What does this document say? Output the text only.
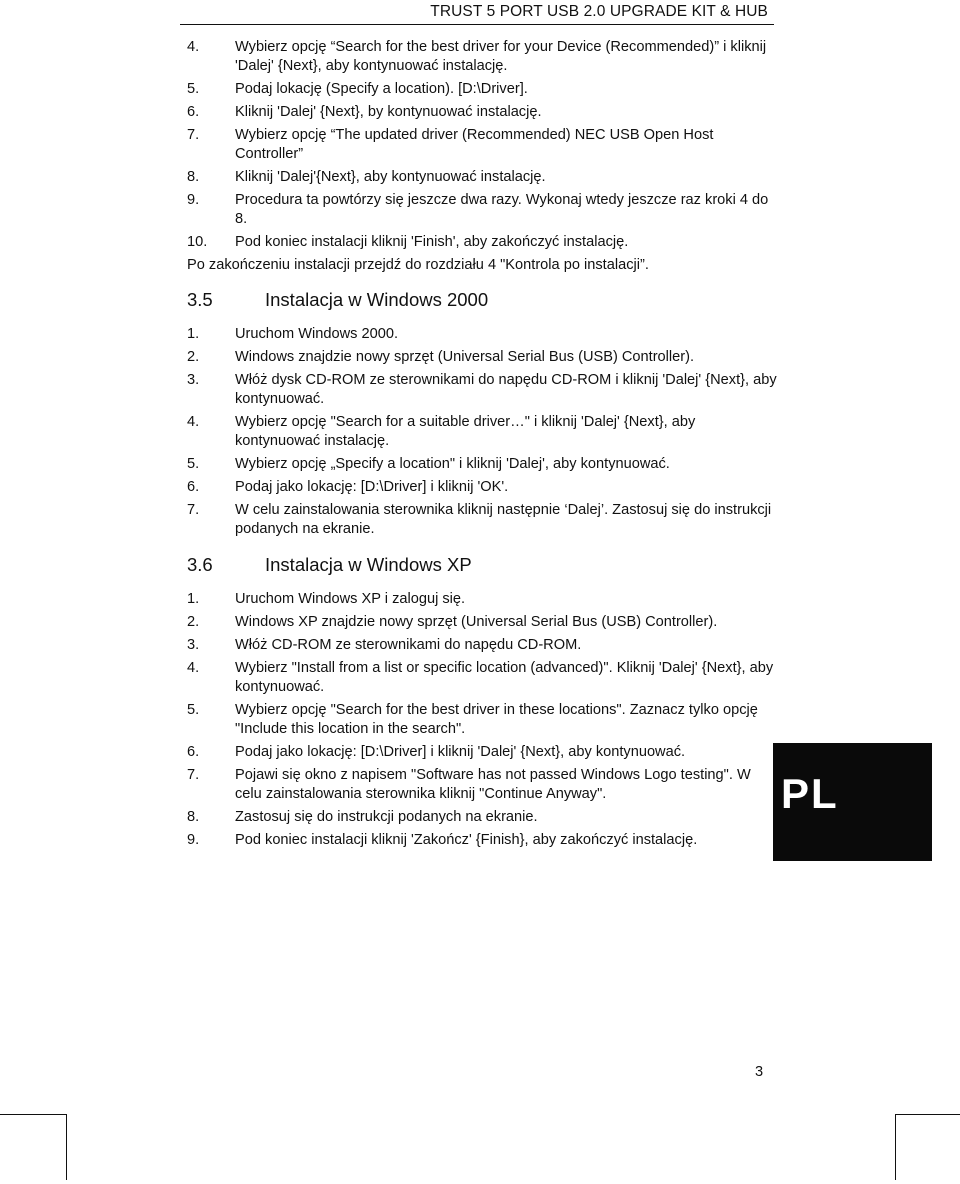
TRUST 5 PORT USB 2.0 UPGRADE KIT & HUB
4. Wybierz opcję “Search for the best driver for your Device (Recommended)” i kliknij 'Dalej' {Next}, aby kontynuować instalację.
5. Podaj lokację (Specify a location). [D:\Driver].
6. Kliknij 'Dalej' {Next}, by kontynuować instalację.
7. Wybierz opcję “The updated driver (Recommended) NEC USB Open Host Controller”
8. Kliknij 'Dalej'{Next}, aby kontynuować instalację.
9. Procedura ta powtórzy się jeszcze dwa razy. Wykonaj wtedy jeszcze raz kroki 4 do 8.
10. Pod koniec instalacji kliknij 'Finish', aby zakończyć instalację.
Po zakończeniu instalacji przejdź do rozdziału 4 "Kontrola po instalacji”.
3.5	Instalacja w Windows 2000
1. Uruchom Windows 2000.
2. Windows znajdzie nowy sprzęt (Universal Serial Bus (USB) Controller).
3. Włóż dysk CD-ROM ze sterownikami do napędu CD-ROM i kliknij 'Dalej' {Next}, aby kontynuować.
4. Wybierz opcję "Search for a suitable driver…" i kliknij 'Dalej' {Next}, aby kontynuować instalację.
5. Wybierz opcję „Specify a location" i kliknij 'Dalej', aby kontynuować.
6. Podaj jako lokację: [D:\Driver] i kliknij 'OK'.
7. W celu zainstalowania sterownika kliknij następnie ‘Dalej’. Zastosuj się do instrukcji podanych na ekranie.
3.6	Instalacja w Windows XP
1. Uruchom Windows XP i zaloguj się.
2. Windows XP znajdzie nowy sprzęt (Universal Serial Bus (USB) Controller).
3. Włóż CD-ROM ze sterownikami do napędu CD-ROM.
4. Wybierz "Install from a list or specific location (advanced)". Kliknij 'Dalej' {Next}, aby kontynuować.
5. Wybierz opcję "Search for the best driver in these locations". Zaznacz tylko opcję "Include this location in the search".
6. Podaj jako lokację: [D:\Driver] i kliknij 'Dalej' {Next}, aby kontynuować.
7. Pojawi się okno z napisem "Software has not passed Windows Logo testing". W celu zainstalowania sterownika kliknij "Continue Anyway".
8. Zastosuj się do instrukcji podanych na ekranie.
9. Pod koniec instalacji kliknij 'Zakończ' {Finish}, aby zakończyć instalację.
PL
3
